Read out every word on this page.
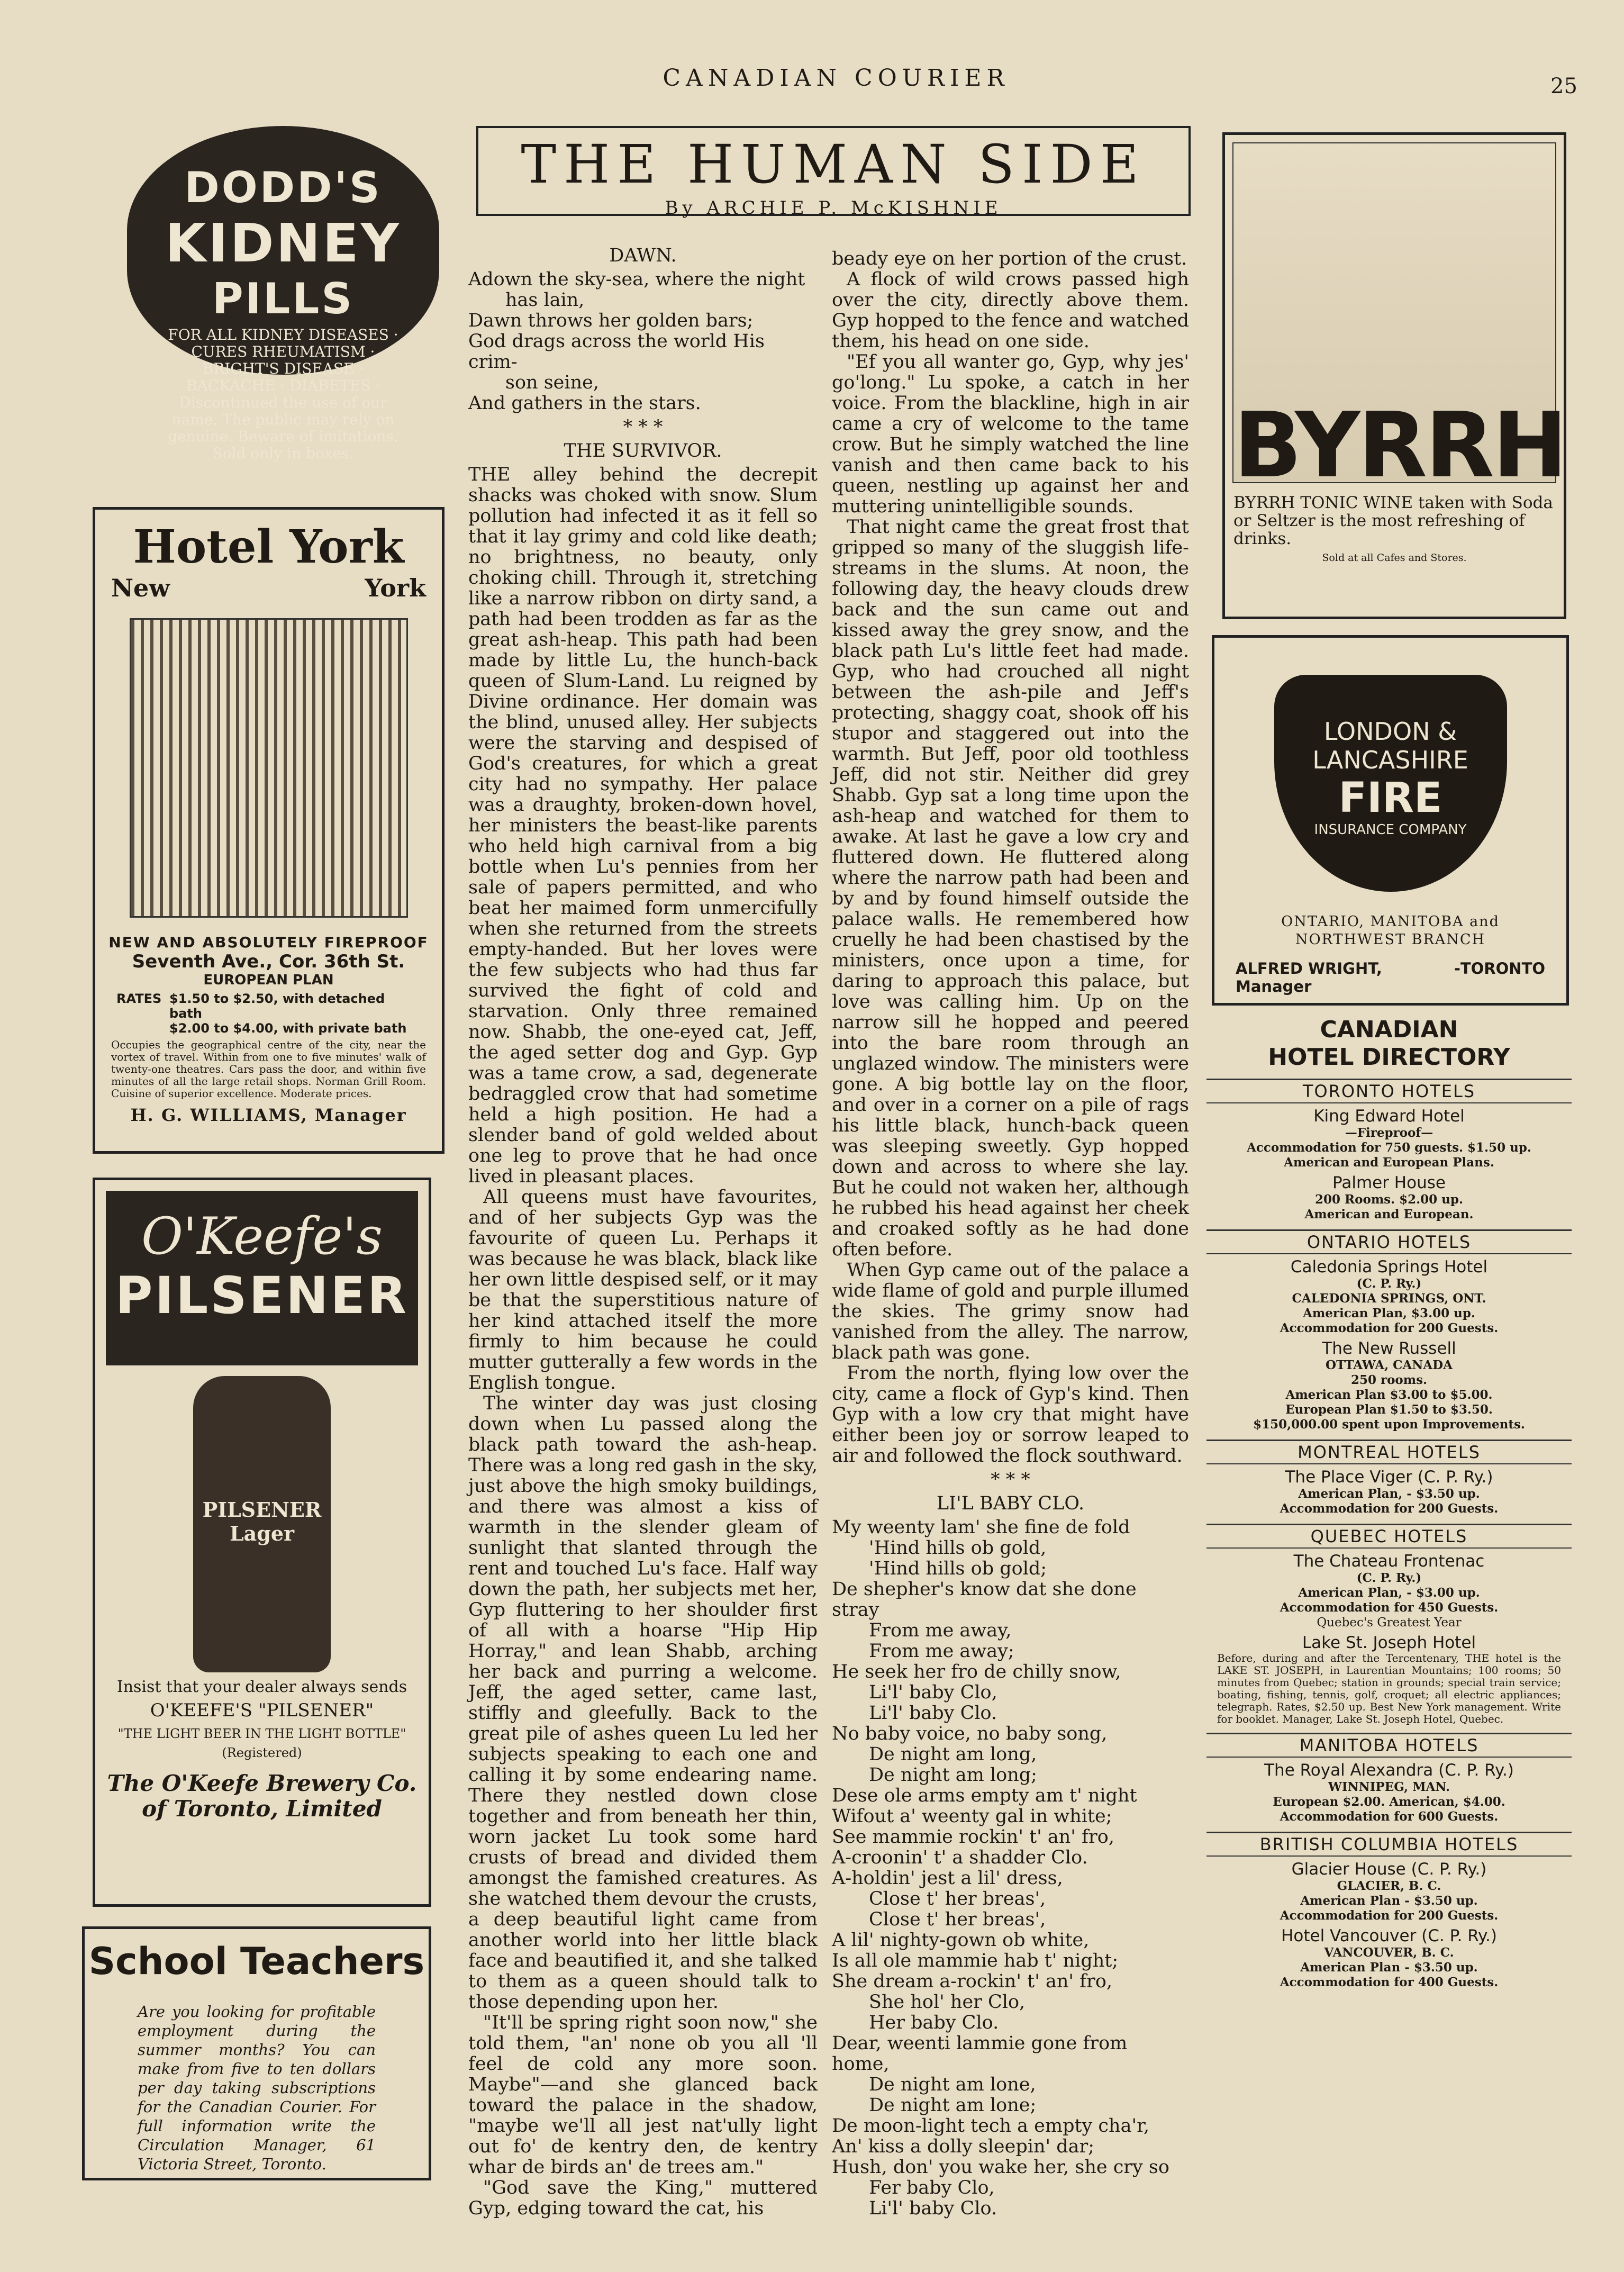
CANADIAN COURIER	25
THE HUMAN SIDE
By ARCHIE P. McKISHNIE

DAWN.

Adown the sky-sea, where the night
has lain,
Dawn throws her golden bars;
God drags across the world His crim-
son seine,
And gathers in the stars.

* * *

THE SURVIVOR.

THE alley behind the decrepit shacks was choked with snow. Slum pollution had infected it as it fell so that it lay grimy and cold like death; no brightness, no beauty, only choking chill. Through it, stretching like a narrow ribbon on dirty sand, a path had been trodden as far as the great ash-heap. This path had been made by little Lu, the hunch-back queen of Slum-Land. Lu reigned by Divine ordinance. Her domain was the blind, unused alley. Her subjects were the starving and despised of God's creatures, for which a great city had no sympathy. Her palace was a draughty, broken-down hovel, her ministers the beast-like parents who held high carnival from a big bottle when Lu's pennies from her sale of papers permitted, and who beat her maimed form unmercifully when she returned from the streets empty-handed. But her loves were the few subjects who had thus far survived the fight of cold and starvation. Only three remained now. Shabb, the one-eyed cat, Jeff, the aged setter dog and Gyp. Gyp was a tame crow, a sad, degenerate bedraggled crow that had sometime held a high position. He had a slender band of gold welded about one leg to prove that he had once lived in pleasant places.

All queens must have favourites, and of her subjects Gyp was the favourite of queen Lu. Perhaps it was because he was black, black like her own little despised self, or it may be that the superstitious nature of her kind attached itself the more firmly to him because he could mutter gutterally a few words in the English tongue.

The winter day was just closing down when Lu passed along the black path toward the ash-heap. There was a long red gash in the sky, just above the high smoky buildings, and there was almost a kiss of warmth in the slender gleam of sunlight that slanted through the rent and touched Lu's face. Half way down the path, her subjects met her, Gyp fluttering to her shoulder first of all with a hoarse "Hip Hip Horray," and lean Shabb, arching her back and purring a welcome. Jeff, the aged setter, came last, stiffly and gleefully. Back to the great pile of ashes queen Lu led her subjects speaking to each one and calling it by some endearing name. There they nestled down close together and from beneath her thin, worn jacket Lu took some hard crusts of bread and divided them amongst the famished creatures. As she watched them devour the crusts, a deep beautiful light came from another world into her little black face and beautified it, and she talked to them as a queen should talk to those depending upon her.

"It'll be spring right soon now," she told them, "an' none ob you all 'll feel de cold any more soon. Maybe"—and she glanced back toward the palace in the shadow, "maybe we'll all jest nat'ully light out fo' de kentry den, de kentry whar de birds an' de trees am."

"God save the King," muttered Gyp, edging toward the cat, his

beady eye on her portion of the crust.

A flock of wild crows passed high over the city, directly above them. Gyp hopped to the fence and watched them, his head on one side.

"Ef you all wanter go, Gyp, why jes' go'long." Lu spoke, a catch in her voice. From the blackline, high in air came a cry of welcome to the tame crow. But he simply watched the line vanish and then came back to his queen, nestling up against her and muttering unintelligible sounds.

That night came the great frost that gripped so many of the sluggish life-streams in the slums. At noon, the following day, the heavy clouds drew back and the sun came out and kissed away the grey snow, and the black path Lu's little feet had made. Gyp, who had crouched all night between the ash-pile and Jeff's protecting, shaggy coat, shook off his stupor and staggered out into the warmth. But Jeff, poor old toothless Jeff, did not stir. Neither did grey Shabb. Gyp sat a long time upon the ash-heap and watched for them to awake. At last he gave a low cry and fluttered down. He fluttered along where the narrow path had been and by and by found himself outside the palace walls. He remembered how cruelly he had been chastised by the ministers, once upon a time, for daring to approach this palace, but love was calling him. Up on the narrow sill he hopped and peered into the bare room through an unglazed window. The ministers were gone. A big bottle lay on the floor, and over in a corner on a pile of rags his little black, hunch-back queen was sleeping sweetly. Gyp hopped down and across to where she lay. But he could not waken her, although he rubbed his head against her cheek and croaked softly as he had done often before.

When Gyp came out of the palace a wide flame of gold and purple illumed the skies. The grimy snow had vanished from the alley. The narrow, black path was gone.

From the north, flying low over the city, came a flock of Gyp's kind. Then Gyp with a low cry that might have either been joy or sorrow leaped to air and followed the flock southward.

* * *

LI'L BABY CLO.

My weenty lam' she fine de fold
'Hind hills ob gold,
'Hind hills ob gold;
De shepher's know dat she done stray
From me away,
From me away;
He seek her fro de chilly snow,
Li'l' baby Clo,
Li'l' baby Clo.
No baby voice, no baby song,
De night am long,
De night am long;
Dese ole arms empty am t' night
Wifout a' weenty gal in white;
See mammie rockin' t' an' fro,
A-croonin' t' a shadder Clo.
A-holdin' jest a lil' dress,
Close t' her breas',
Close t' her breas',
A lil' nighty-gown ob white,
Is all ole mammie hab t' night;
She dream a-rockin' t' an' fro,
She hol' her Clo,
Her baby Clo.
Dear, weenti lammie gone from home,
De night am lone,
De night am lone;
De moon-light tech a empty cha'r,
An' kiss a dolly sleepin' dar;
Hush, don' you wake her, she cry so
Fer baby Clo,
Li'l' baby Clo.
DODD'S
KIDNEY
PILLS
FOR ALL KIDNEY DISEASES · CURES RHEUMATISM · BRIGHT'S DISEASE · BACKACHE · DIABETES · Discontinued the use of our name. The public may rely on genuine. Beware of imitations. Sold only in boxes.
Hotel York
New	York
NEW AND ABSOLUTELY FIREPROOF
Seventh Ave., Cor. 36th St.
EUROPEAN PLAN
RATES $1.50 to $2.50, with detached bath
$2.00 to $4.00, with private bath
Occupies the geographical centre of the city, near the vortex of travel. Within from one to five minutes' walk of twenty-one theatres. Cars pass the door, and within five minutes of all the large retail shops. Norman Grill Room. Cuisine of superior excellence. Moderate prices.
H. G. WILLIAMS, Manager
O'Keefe's
PILSENER
PILSENER Lager
Insist that your dealer always sends
O'KEEFE'S "PILSENER"
"THE LIGHT BEER IN THE LIGHT BOTTLE"
(Registered)
The O'Keefe Brewery Co.
of Toronto, Limited
School Teachers

Are you looking for profitable employment during the summer months? You can make from five to ten dollars per day taking subscriptions for the Canadian Courier. For full information write the Circulation Manager, 61 Victoria Street, Toronto.

BYRRH
BYRRH TONIC WINE taken with Soda or Seltzer is the most refreshing of drinks.
Sold at all Cafes and Stores.
LONDON &
LANCASHIRE
FIRE
INSURANCE COMPANY
ONTARIO, MANITOBA and
NORTHWEST BRANCH
ALFRED WRIGHT, Manager
- TORONTO
CANADIAN
HOTEL DIRECTORY
TORONTO HOTELS
King Edward Hotel
—Fireproof—
Accommodation for 750 guests. $1.50 up.
American and European Plans.
Palmer House
200 Rooms. $2.00 up.
American and European.
ONTARIO HOTELS
Caledonia Springs Hotel
(C. P. Ry.)
CALEDONIA SPRINGS, ONT.
American Plan, $3.00 up.
Accommodation for 200 Guests.
The New Russell
OTTAWA, CANADA
250 rooms.
American Plan $3.00 to $5.00.
European Plan $1.50 to $3.50.
$150,000.00 spent upon Improvements.
MONTREAL HOTELS
The Place Viger (C. P. Ry.)
American Plan, - $3.50 up.
Accommodation for 200 Guests.
QUEBEC HOTELS
The Chateau Frontenac
(C. P. Ry.)
American Plan, - $3.00 up.
Accommodation for 450 Guests.
Quebec's Greatest Year
Lake St. Joseph Hotel
Before, during and after the Tercentenary, THE hotel is the LAKE ST. JOSEPH, in Laurentian Mountains; 100 rooms; 50 minutes from Quebec; station in grounds; special train service; boating, fishing, tennis, golf, croquet; all electric appliances; telegraph. Rates, $2.50 up. Best New York management. Write for booklet. Manager, Lake St. Joseph Hotel, Quebec.
MANITOBA HOTELS
The Royal Alexandra (C. P. Ry.)
WINNIPEG, MAN.
European $2.00. American, $4.00.
Accommodation for 600 Guests.
BRITISH COLUMBIA HOTELS
Glacier House (C. P. Ry.)
GLACIER, B. C.
American Plan - $3.50 up.
Accommodation for 200 Guests.
Hotel Vancouver (C. P. Ry.)
VANCOUVER, B. C.
American Plan - $3.50 up.
Accommodation for 400 Guests.
